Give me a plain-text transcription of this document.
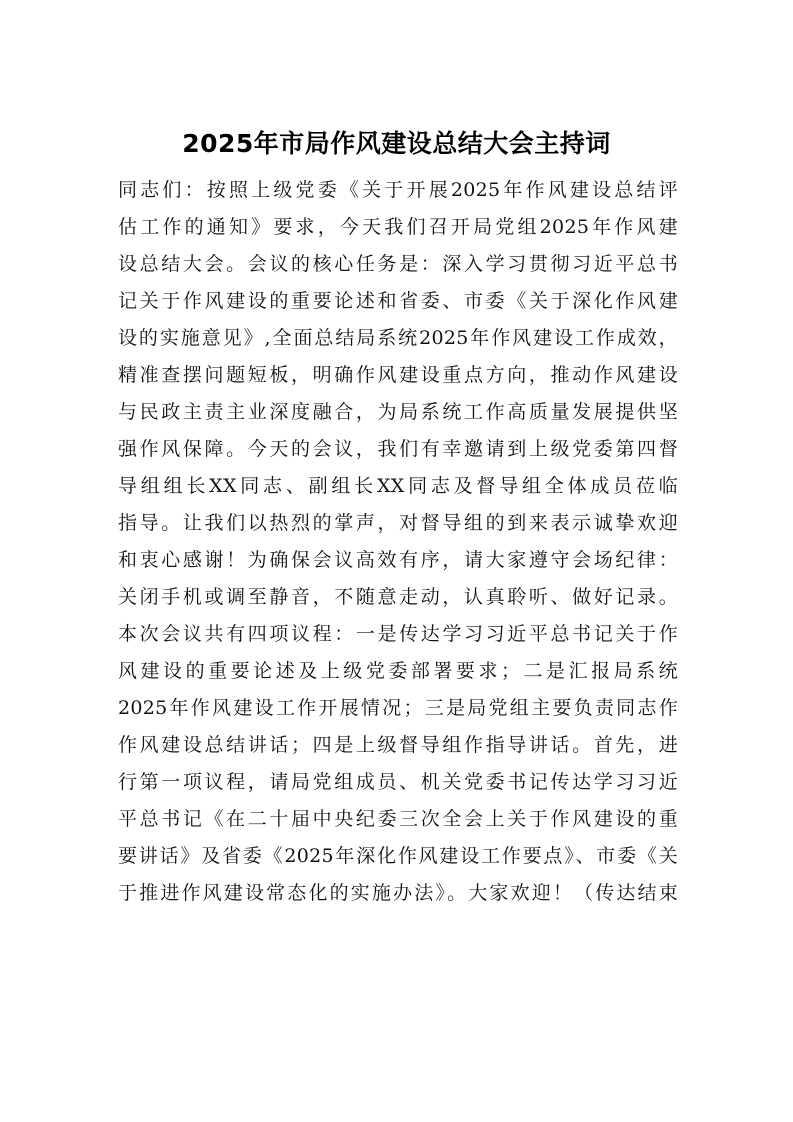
2025年市局作风建设总结大会主持词
同志们：按照上级党委《关于开展2025年作风建设总结评
估工作的通知》要求，今天我们召开局党组2025年作风建
设总结大会。会议的核心任务是：深入学习贯彻习近平总书
记关于作风建设的重要论述和省委、市委《关于深化作风建
设的实施意见》,全面总结局系统2025年作风建设工作成效，
精准查摆问题短板，明确作风建设重点方向，推动作风建设
与民政主责主业深度融合，为局系统工作高质量发展提供坚
强作风保障。今天的会议，我们有幸邀请到上级党委第四督
导组组长XX同志、副组长XX同志及督导组全体成员莅临
指导。让我们以热烈的掌声，对督导组的到来表示诚挚欢迎
和衷心感谢！为确保会议高效有序，请大家遵守会场纪律：
关闭手机或调至静音，不随意走动，认真聆听、做好记录。
本次会议共有四项议程：一是传达学习习近平总书记关于作
风建设的重要论述及上级党委部署要求；二是汇报局系统
2025年作风建设工作开展情况；三是局党组主要负责同志作
作风建设总结讲话；四是上级督导组作指导讲话。首先，进
行第一项议程，请局党组成员、机关党委书记传达学习习近
平总书记《在二十届中央纪委三次全会上关于作风建设的重
要讲话》及省委《2025年深化作风建设工作要点》、市委《关
于推进作风建设常态化的实施办法》。大家欢迎！（传达结束
